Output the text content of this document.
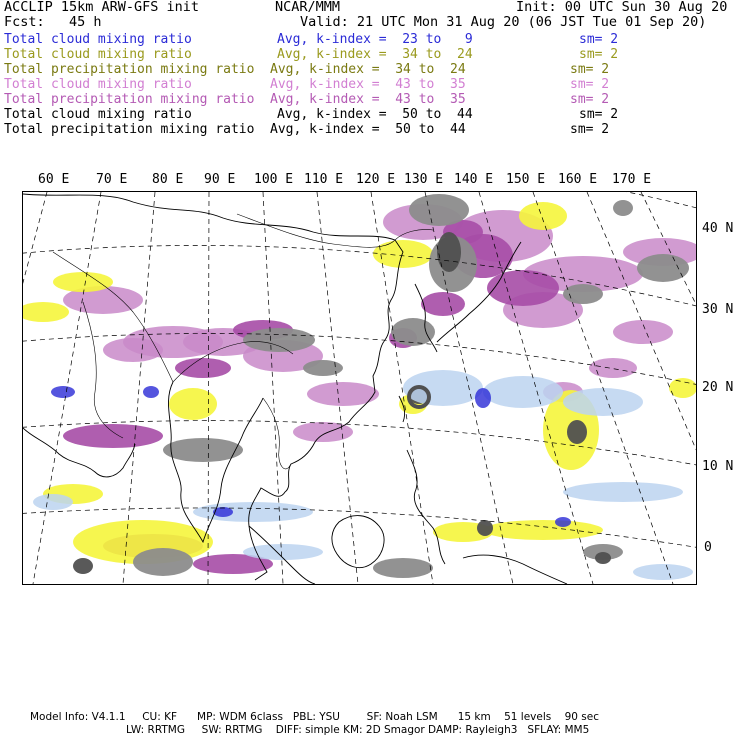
ACCLIP 15km ARW-GFS init	NCAR/MMM	Init: 00 UTC Sun 30 Aug 20
Fcst:   45 h	Valid: 21 UTC Mon 31 Aug 20 (06 JST Tue 01 Sep 20)
Total cloud mixing ratio	Avg, k-index =  23 to   9	sm= 2
Total cloud mixing ratio	Avg, k-index =  34 to  24	sm= 2
Total precipitation mixing ratio Avg, k-index =  34 to  24	sm= 2
Total cloud mixing ratio	Avg, k-index =  43 to  35	sm= 2
Total precipitation mixing ratio Avg, k-index =  43 to  35	sm= 2
Total cloud mixing ratio	Avg, k-index =  50 to  44	sm= 2
Total precipitation mixing ratio Avg, k-index =  50 to  44	sm= 2
60 E 70 E 80 E 90 E 100 E 110 E 120 E 130 E 140 E 150 E 160 E 170 E
40 N
30 N
20 N
10 N
0
Model Info: V4.1.1     CU: KF      MP: WDM 6class   PBL: YSU        SF: Noah LSM      15 km    51 levels    90 sec
LW: RRTMG     SW: RRTMG    DIFF: simple KM: 2D Smagor DAMP: Rayleigh3   SFLAY: MM5
